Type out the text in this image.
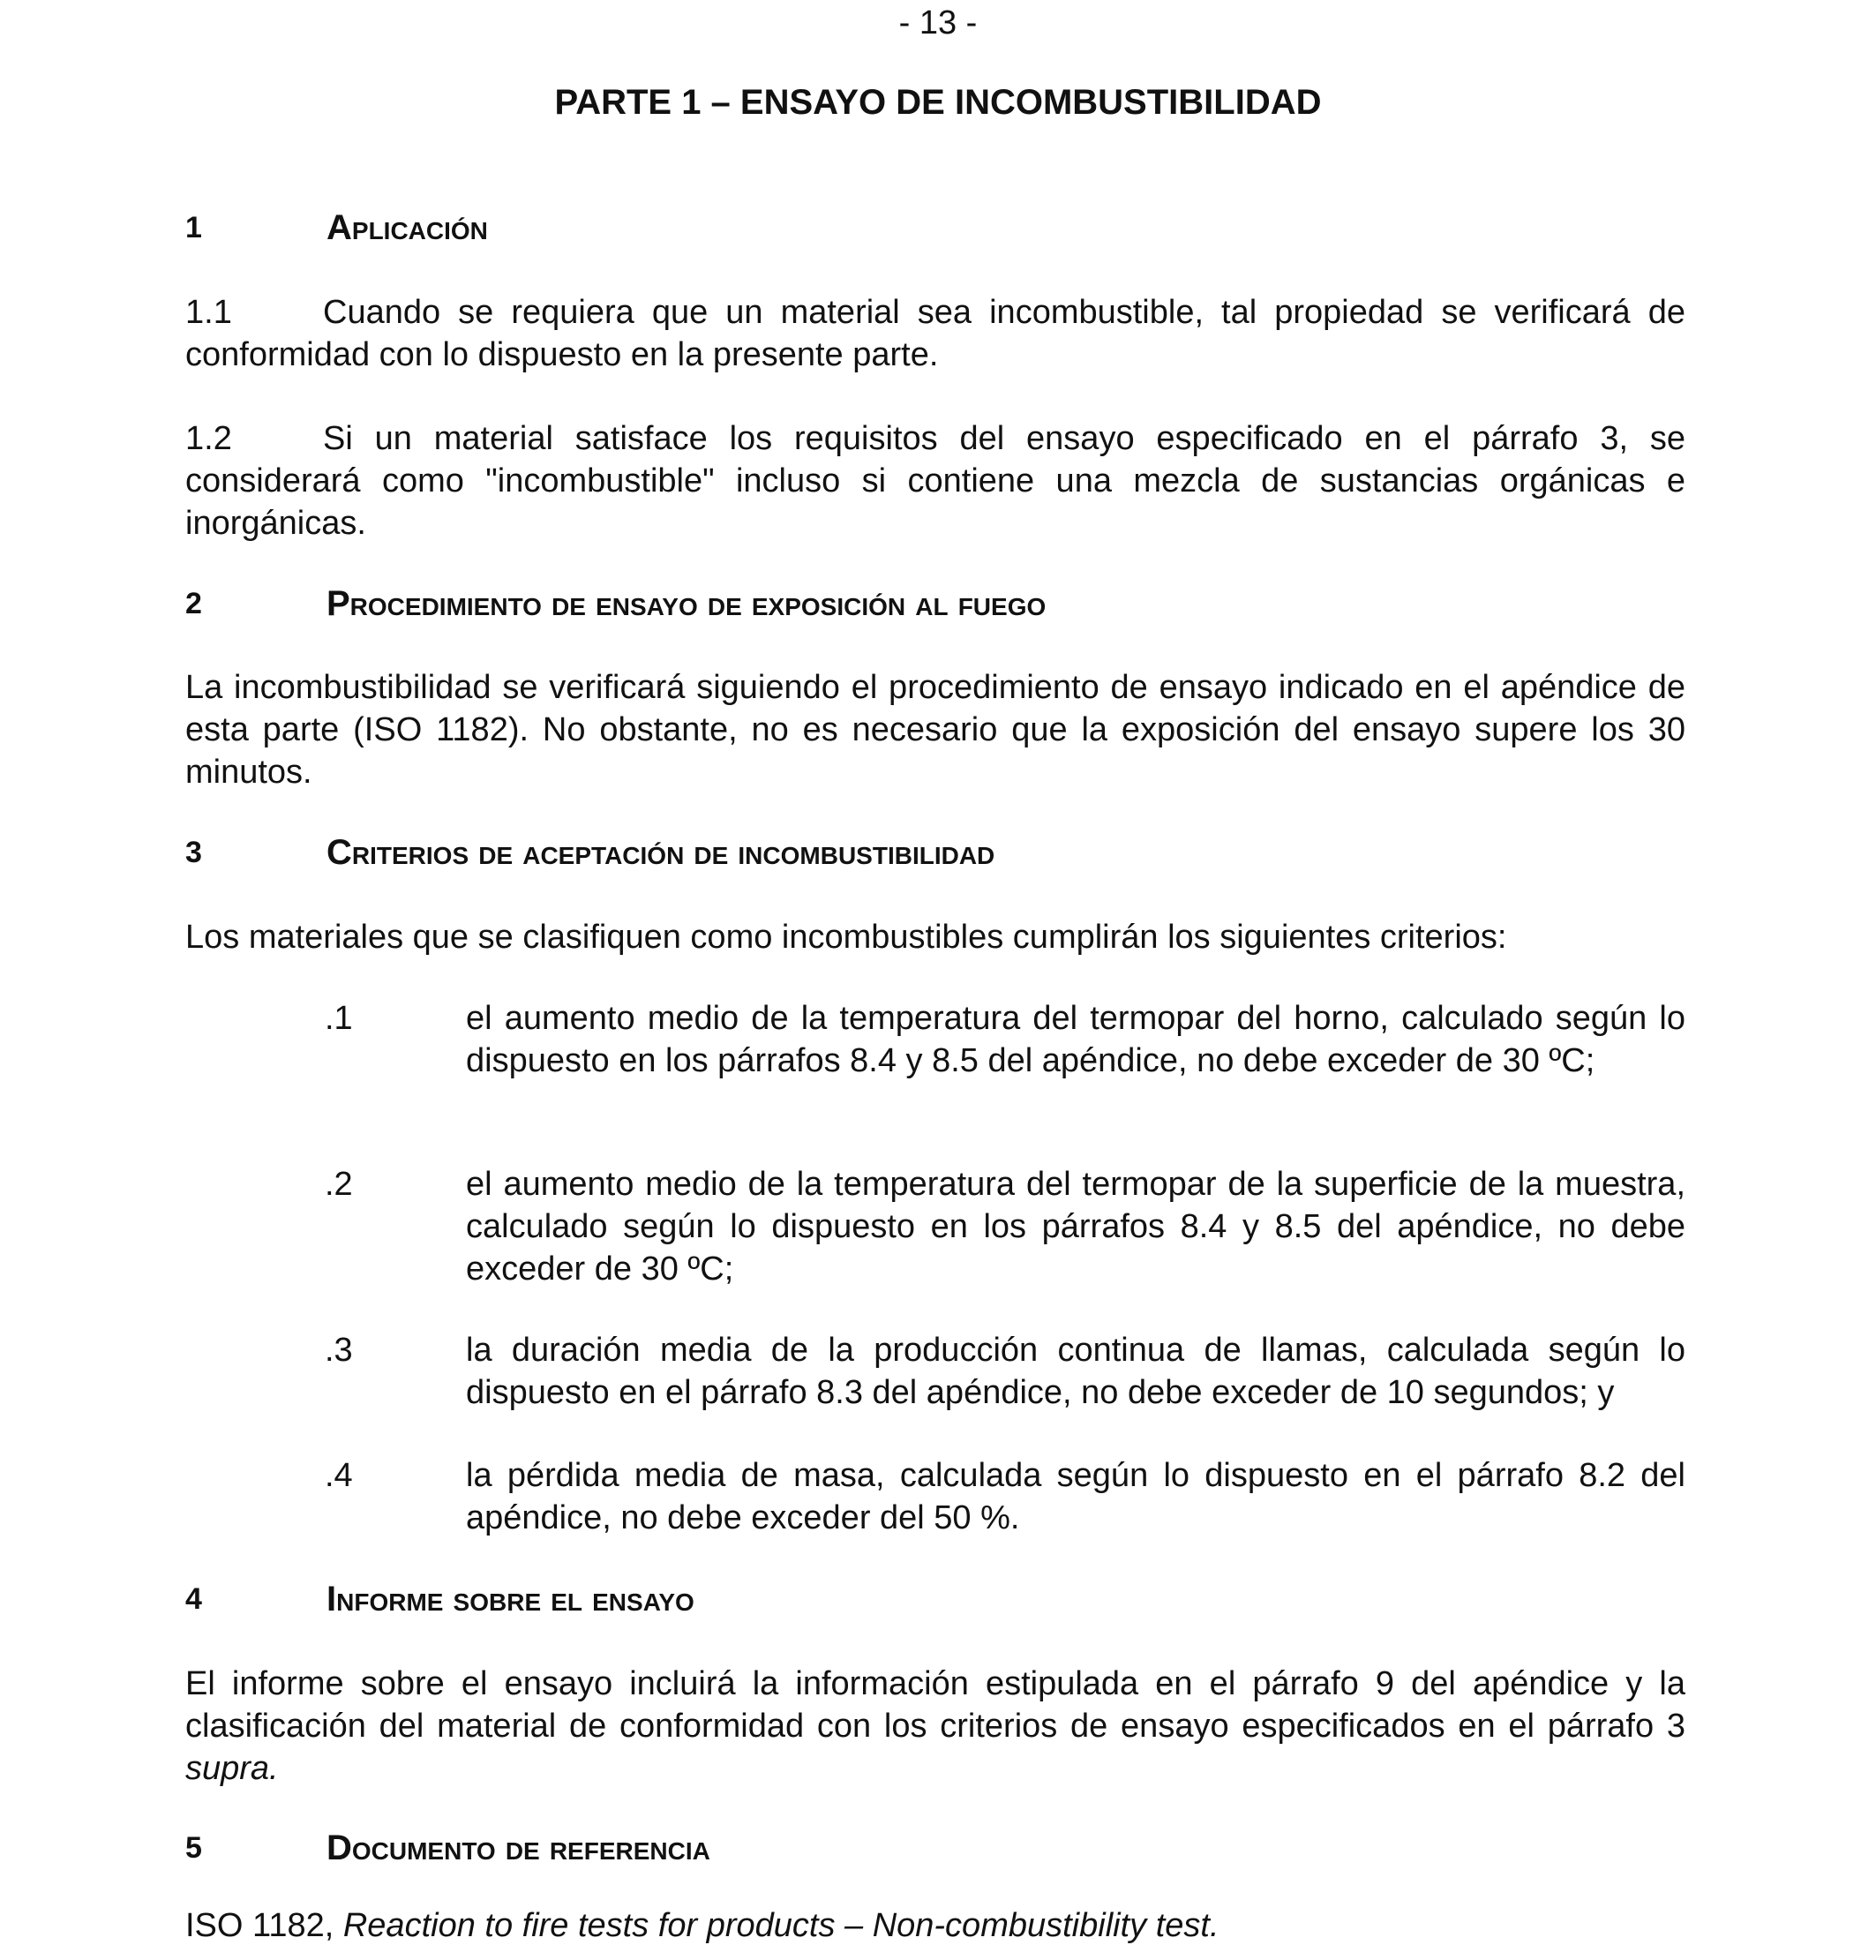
- 13 -
PARTE 1 – ENSAYO DE INCOMBUSTIBILIDAD
1	Aplicación
1.1	Cuando se requiera que un material sea incombustible, tal propiedad se verificará de conformidad con lo dispuesto en la presente parte.
1.2	Si un material satisface los requisitos del ensayo especificado en el párrafo 3, se considerará como "incombustible" incluso si contiene una mezcla de sustancias orgánicas e inorgánicas.
2	Procedimiento de ensayo de exposición al fuego
La incombustibilidad se verificará siguiendo el procedimiento de ensayo indicado en el apéndice de esta parte (ISO 1182). No obstante, no es necesario que la exposición del ensayo supere los 30 minutos.
3	Criterios de aceptación de incombustibilidad
Los materiales que se clasifiquen como incombustibles cumplirán los siguientes criterios:
.1	el aumento medio de la temperatura del termopar del horno, calculado según lo dispuesto en los párrafos 8.4 y 8.5 del apéndice, no debe exceder de 30 ºC;
.2	el aumento medio de la temperatura del termopar de la superficie de la muestra, calculado según lo dispuesto en los párrafos 8.4 y 8.5 del apéndice, no debe exceder de 30 ºC;
.3	la duración media de la producción continua de llamas, calculada según lo dispuesto en el párrafo 8.3 del apéndice, no debe exceder de 10 segundos; y
.4	la pérdida media de masa, calculada según lo dispuesto en el párrafo 8.2 del apéndice, no debe exceder del 50 %.
4	Informe sobre el ensayo
El informe sobre el ensayo incluirá la información estipulada en el párrafo 9 del apéndice y la clasificación del material de conformidad con los criterios de ensayo especificados en el párrafo 3 supra.
5	Documento de referencia
ISO 1182, Reaction to fire tests for products – Non-combustibility test.
